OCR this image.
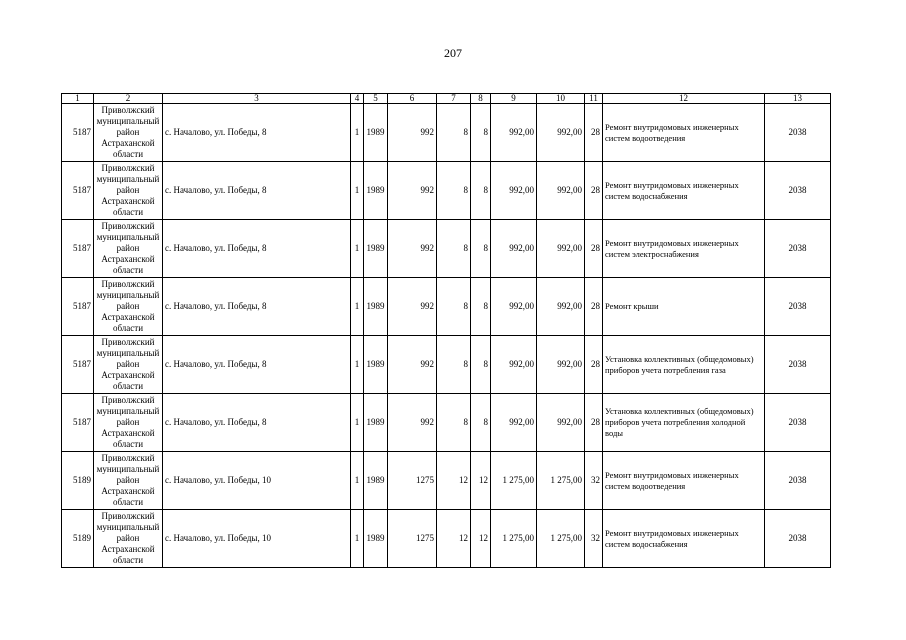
207
1	2	3	4	5	6	7	8	9	10	11	12	13
5187	Приволжский муниципальный район Астраханской области	с. Началово, ул. Победы, 8	1	1989	992	8	8	992,00	992,00	28	Ремонт внутридомовых инженерных систем водоотведения	2038
5187	Приволжский муниципальный район Астраханской области	с. Началово, ул. Победы, 8	1	1989	992	8	8	992,00	992,00	28	Ремонт внутридомовых инженерных систем водоснабжения	2038
5187	Приволжский муниципальный район Астраханской области	с. Началово, ул. Победы, 8	1	1989	992	8	8	992,00	992,00	28	Ремонт внутридомовых инженерных систем электроснабжения	2038
5187	Приволжский муниципальный район Астраханской области	с. Началово, ул. Победы, 8	1	1989	992	8	8	992,00	992,00	28	Ремонт крыши	2038
5187	Приволжский муниципальный район Астраханской области	с. Началово, ул. Победы, 8	1	1989	992	8	8	992,00	992,00	28	Установка коллективных (общедомовых) приборов учета потребления газа	2038
5187	Приволжский муниципальный район Астраханской области	с. Началово, ул. Победы, 8	1	1989	992	8	8	992,00	992,00	28	Установка коллективных (общедомовых) приборов учета потребления холодной воды	2038
5189	Приволжский муниципальный район Астраханской области	с. Началово, ул. Победы, 10	1	1989	1275	12	12	1 275,00	1 275,00	32	Ремонт внутридомовых инженерных систем водоотведения	2038
5189	Приволжский муниципальный район Астраханской области	с. Началово, ул. Победы, 10	1	1989	1275	12	12	1 275,00	1 275,00	32	Ремонт внутридомовых инженерных систем водоснабжения	2038
